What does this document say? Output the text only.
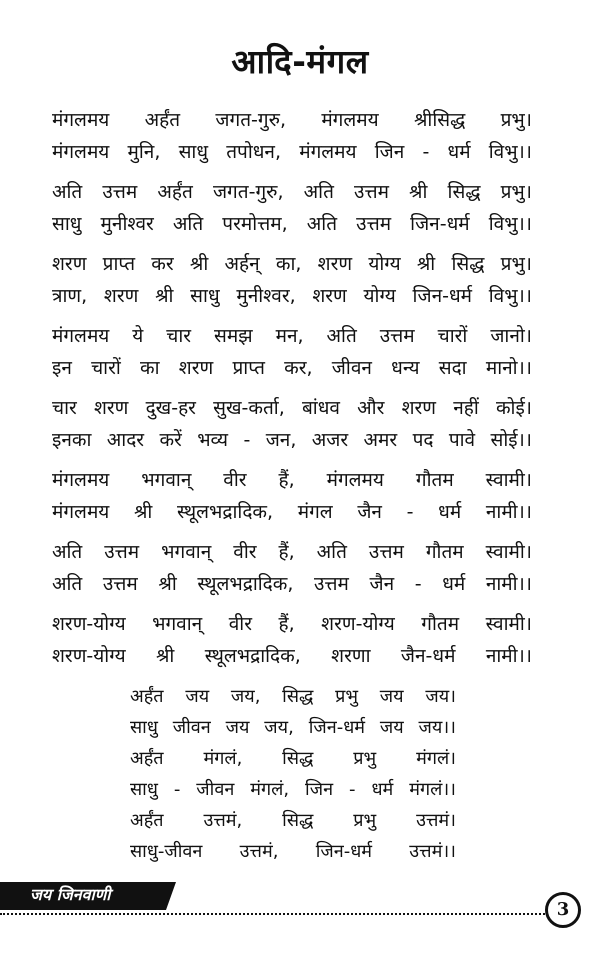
आदि-मंगल
मंगलमय अर्हंत जगत-गुरु, मंगलमय श्रीसिद्ध प्रभु।
मंगलमय मुनि, साधु तपोधन, मंगलमय जिन - धर्म विभु।।
अति उत्तम अर्हंत जगत-गुरु, अति उत्तम श्री सिद्ध प्रभु।
साधु मुनीश्वर अति परमोत्तम, अति उत्तम जिन-धर्म विभु।।
शरण प्राप्त कर श्री अर्हन् का, शरण योग्य श्री सिद्ध प्रभु।
त्राण, शरण श्री साधु मुनीश्वर, शरण योग्य जिन-धर्म विभु।।
मंगलमय ये चार समझ मन, अति उत्तम चारों जानो।
इन चारों का शरण प्राप्त कर, जीवन धन्य सदा मानो।।
चार शरण दुख-हर सुख-कर्ता, बांधव और शरण नहीं कोई।
इनका आदर करें भव्य - जन, अजर अमर पद पावे सोई।।
मंगलमय भगवान् वीर हैं, मंगलमय गौतम स्वामी।
मंगलमय श्री स्थूलभद्रादिक, मंगल जैन - धर्म नामी।।
अति उत्तम भगवान् वीर हैं, अति उत्तम गौतम स्वामी।
अति उत्तम श्री स्थूलभद्रादिक, उत्तम जैन - धर्म नामी।।
शरण-योग्य भगवान् वीर हैं, शरण-योग्य गौतम स्वामी।
शरण-योग्य श्री स्थूलभद्रादिक, शरणा जैन-धर्म नामी।।
अर्हंत जय जय, सिद्ध प्रभु जय जय।
साधु जीवन जय जय, जिन-धर्म जय जय।।
अर्हंत मंगलं, सिद्ध प्रभु मंगलं।
साधु - जीवन मंगलं, जिन - धर्म मंगलं।।
अर्हंत उत्तमं, सिद्ध प्रभु उत्तमं।
साधु-जीवन उत्तमं, जिन-धर्म उत्तमं।।
जय जिनवाणी
3
